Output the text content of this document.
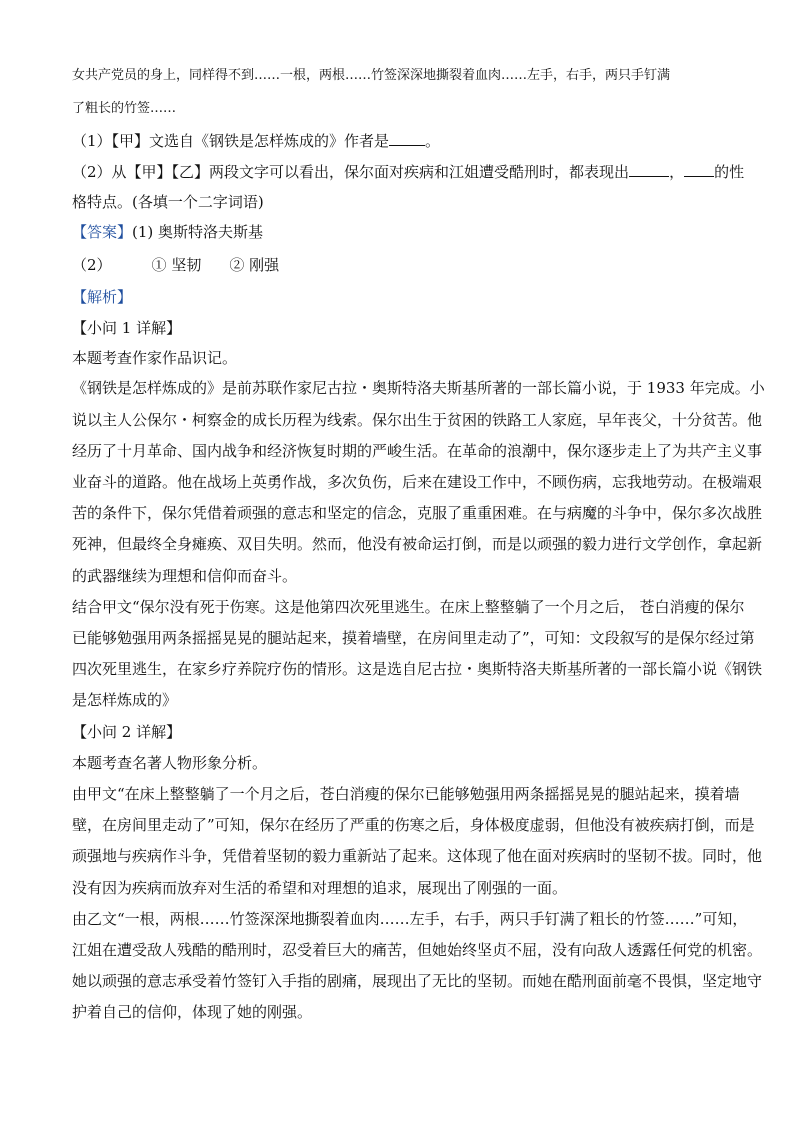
女共产党员的身上，同样得不到……一根，两根……竹签深深地撕裂着血肉……左手，右手，两只手钉满
了粗长的竹签……
（1）【甲】文选自《钢铁是怎样炼成的》作者是 。
（2）从【甲】【乙】两段文字可以看出，保尔面对疾病和江姐遭受酷刑时，都表现出	， 的性
格特点。(各填一个二字词语)
【答案】(1) 奥斯特洛夫斯基
（2）	① 坚韧 ② 刚强
【解析】
【小问 1 详解】
本题考查作家作品识记。
《钢铁是怎样炼成的》是前苏联作家尼古拉・奥斯特洛夫斯基所著的一部长篇小说，于 1933 年完成。小
说以主人公保尔・柯察金的成长历程为线索。保尔出生于贫困的铁路工人家庭，早年丧父，十分贫苦。他
经历了十月革命、国内战争和经济恢复时期的严峻生活。在革命的浪潮中，保尔逐步走上了为共产主义事
业奋斗的道路。他在战场上英勇作战，多次负伤，后来在建设工作中，不顾伤病，忘我地劳动。在极端艰
苦的条件下，保尔凭借着顽强的意志和坚定的信念，克服了重重困难。在与病魔的斗争中，保尔多次战胜
死神，但最终全身瘫痪、双目失明。然而，他没有被命运打倒，而是以顽强的毅力进行文学创作，拿起新
的武器继续为理想和信仰而奋斗。
结合甲文“保尔没有死于伤寒。这是他第四次死里逃生。在床上整整躺了一个月之后， 苍白消瘦的保尔
已能够勉强用两条摇摇晃晃的腿站起来，摸着墙壁，在房间里走动了”，可知：文段叙写的是保尔经过第
四次死里逃生，在家乡疗养院疗伤的情形。这是选自尼古拉・奥斯特洛夫斯基所著的一部长篇小说《钢铁
是怎样炼成的》
【小问 2 详解】
本题考查名著人物形象分析。
由甲文“在床上整整躺了一个月之后，苍白消瘦的保尔已能够勉强用两条摇摇晃晃的腿站起来，摸着墙
壁，在房间里走动了”可知，保尔在经历了严重的伤寒之后，身体极度虚弱，但他没有被疾病打倒，而是
顽强地与疾病作斗争，凭借着坚韧的毅力重新站了起来。这体现了他在面对疾病时的坚韧不拔。同时，他
没有因为疾病而放弃对生活的希望和对理想的追求，展现出了刚强的一面。
由乙文“一根，两根……竹签深深地撕裂着血肉……左手，右手，两只手钉满了粗长的竹签……”可知，
江姐在遭受敌人残酷的酷刑时，忍受着巨大的痛苦，但她始终坚贞不屈，没有向敌人透露任何党的机密。
她以顽强的意志承受着竹签钉入手指的剧痛，展现出了无比的坚韧。而她在酷刑面前毫不畏惧，坚定地守
护着自己的信仰，体现了她的刚强。
